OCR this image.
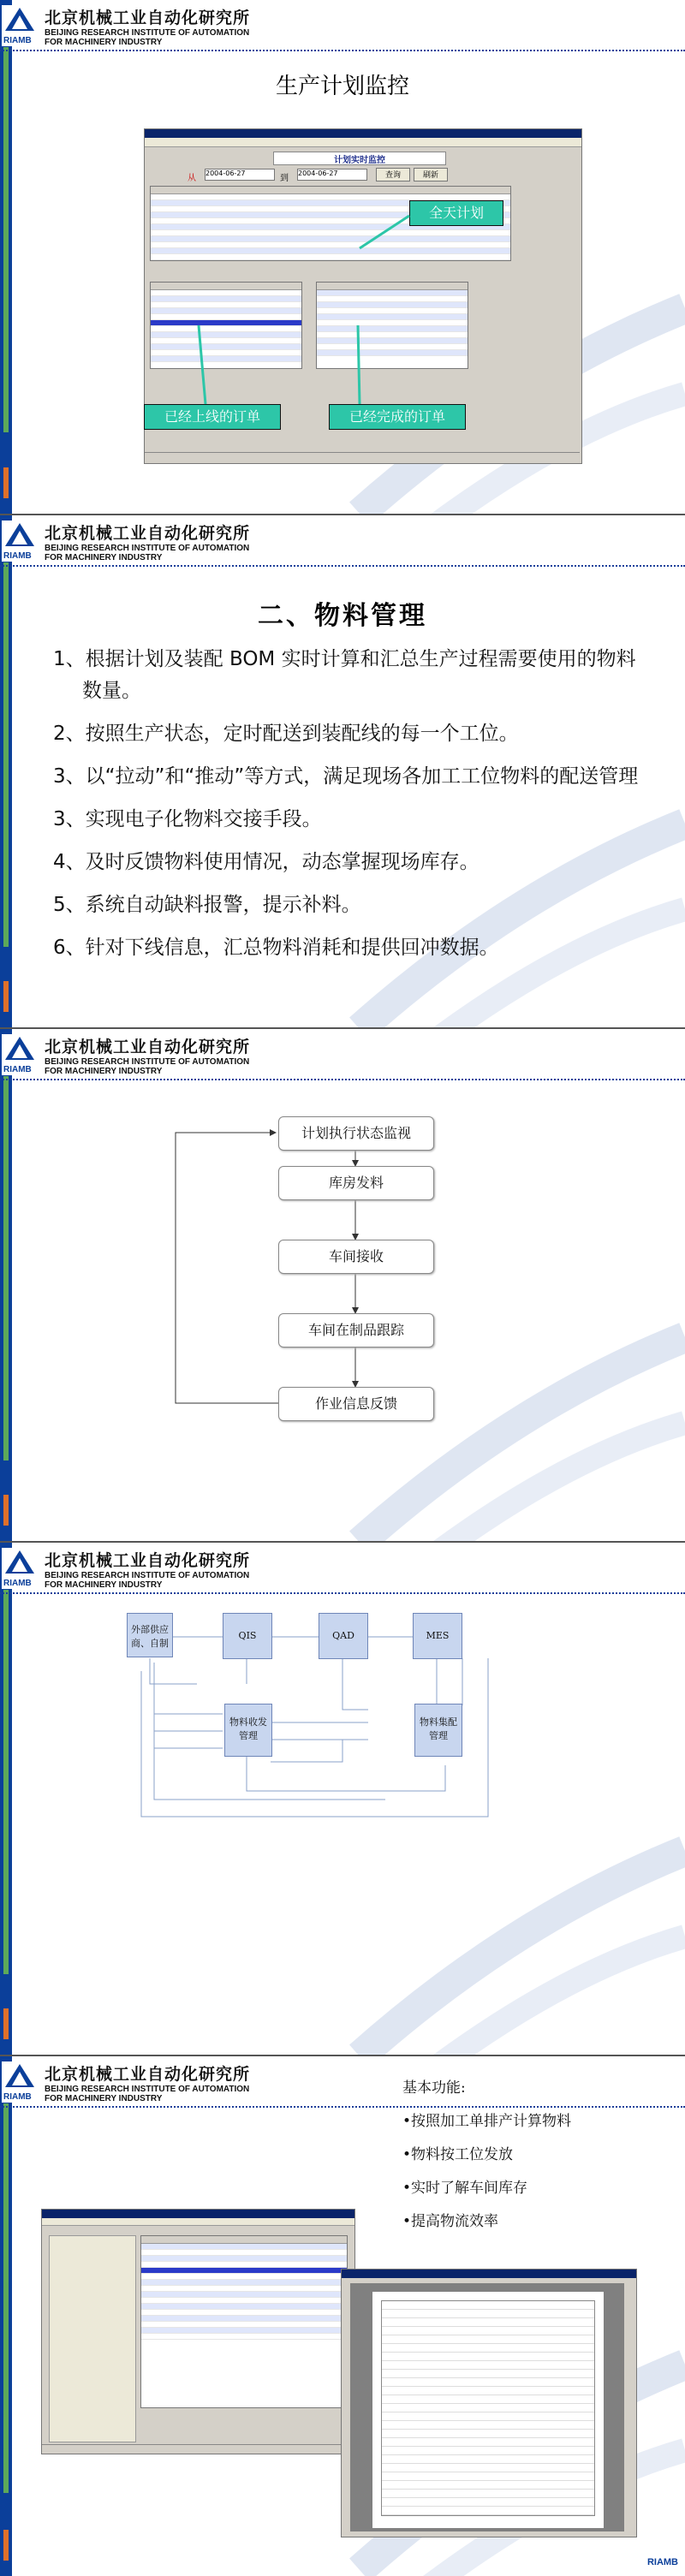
RIAMB
北京机械工业自动化研究所
BEIJING RESEARCH INSTITUTE OF AUTOMATION
FOR MACHINERY INDUSTRY
生产计划监控
计划实时监控
从
2004-06-27
到
2004-06-27	查询	刷新
全天计划
已经上线的订单	已经完成的订单
RIAMB
北京机械工业自动化研究所
BEIJING RESEARCH INSTITUTE OF AUTOMATION
FOR MACHINERY INDUSTRY
二、物料管理
1、根据计划及装配 BOM 实时计算和汇总生产过程需要使用的物料数量。
2、按照生产状态，定时配送到装配线的每一个工位。
3、以“拉动”和“推动”等方式，满足现场各加工工位物料的配送管理
3、实现电子化物料交接手段。
4、及时反馈物料使用情况，动态掌握现场库存。
5、系统自动缺料报警，提示补料。
6、针对下线信息，汇总物料消耗和提供回冲数据。
RIAMB
北京机械工业自动化研究所
BEIJING RESEARCH INSTITUTE OF AUTOMATION
FOR MACHINERY INDUSTRY
计划执行状态监视
库房发料
车间接收
车间在制品跟踪
作业信息反馈
RIAMB
北京机械工业自动化研究所
BEIJING RESEARCH INSTITUTE OF AUTOMATION
FOR MACHINERY INDUSTRY
外部供应商、自制
QIS	QAD	MES
物料收发管理
物料集配管理
RIAMB
北京机械工业自动化研究所
BEIJING RESEARCH INSTITUTE OF AUTOMATION
FOR MACHINERY INDUSTRY
基本功能:
•按照加工单排产计算物料
•物料按工位发放
•实时了解车间库存
•提高物流效率
RIAMB
